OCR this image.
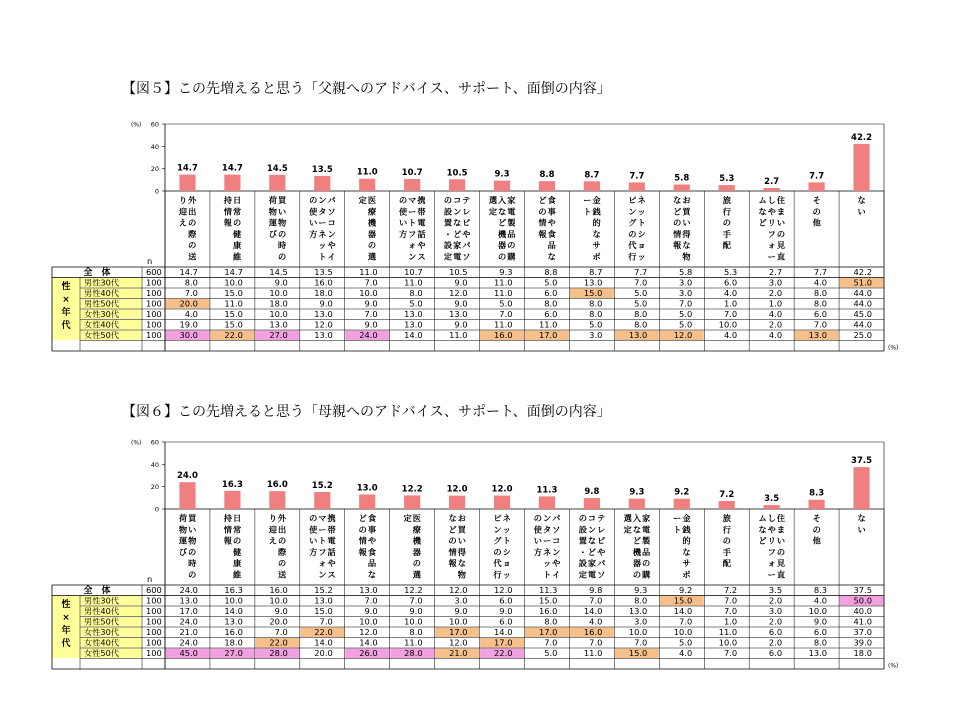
【図５】この先増えると思う「父親へのアドバイス、サポート、面倒の内容」
0
20
40
60
(%)
14.7
外出の際の送り迎え
14.7
日常の健康維持情報
14.5
買い物の時の荷物運び
13.5
パソコンやインターネットの使い方
11.0
医療機器の選定
10.7
携帯電話やスマートフォンの使い方
10.5
テレビやパソコンなど家電の設置・設定
9.3
家電製品の購入など機器の選定
8.8
食事や食品などの情報
8.7
金銭的なサポート
7.7
ネットショッピングの代行
5.8
お買い得な物などの情報
5.3
旅行の手配
2.7
住まいの見直しやリフォームなど
7.7
その他
42.2
ない
n
性
×
年
代
全　体	600 14.7	14.7	14.5	13.5	11.0	10.7	10.5	9.3	8.8	8.7	7.7	5.8	5.3	2.7	7.7	42.2
男性30代	100	8.0	10.0	9.0	16.0	7.0	11.0	9.0	11.0	5.0	13.0	7.0	3.0	6.0	3.0	4.0	51.0
男性40代	100	7.0	15.0	10.0	18.0	10.0	8.0	12.0	11.0	6.0	15.0	5.0	3.0	4.0	2.0	8.0	44.0
男性50代	100 20.0	11.0	18.0	9.0	9.0	5.0	9.0	5.0	8.0	8.0	5.0	7.0	1.0	1.0	8.0	44.0
女性30代	100	4.0	15.0	10.0	13.0	7.0	13.0	13.0	7.0	6.0	8.0	8.0	5.0	7.0	4.0	6.0	45.0
女性40代	100 19.0	15.0	13.0	12.0	9.0	13.0	9.0	11.0	11.0	5.0	8.0	5.0	10.0	2.0	7.0	44.0
女性50代	100 30.0	22.0	27.0	13.0	24.0	14.0	11.0	16.0	17.0	3.0	13.0	12.0	4.0	4.0	13.0	25.0
(%)
【図６】この先増えると思う「母親へのアドバイス、サポート、面倒の内容」
0
20
40
60
(%)
24.0
買い物の時の荷物運び
16.3
日常の健康維持情報
16.0
外出の際の送り迎え
15.2
携帯電話やスマートフォンの使い方
13.0
食事や食品などの情報
12.2
医療機器の選定
12.0
お買い得な物などの情報
12.0
ネットショッピングの代行
11.3
パソコンやインターネットの使い方
9.8
テレビやパソコンなど家電の設置・設定
9.3
家電製品の購入など機器の選定
9.2
金銭的なサポート
7.2
旅行の手配
3.5
住まいの見直しやリフォームなど
8.3
その他
37.5
ない
n
性
×
年
代
全　体	600 24.0	16.3	16.0	15.2	13.0	12.2	12.0	12.0	11.3	9.8	9.3	9.2	7.2	3.5	8.3	37.5
男性30代	100 13.0	10.0	10.0	13.0	7.0	7.0	3.0	6.0	15.0	7.0	8.0	15.0	7.0	2.0	4.0	50.0
男性40代	100 17.0	14.0	9.0	15.0	9.0	9.0	9.0	9.0	16.0	14.0	13.0	14.0	7.0	3.0	10.0	40.0
男性50代	100 24.0	13.0	20.0	7.0	10.0	10.0	10.0	6.0	8.0	4.0	3.0	7.0	1.0	2.0	9.0	41.0
女性30代	100 21.0	16.0	7.0	22.0	12.0	8.0	17.0	14.0	17.0	16.0	10.0	10.0	11.0	6.0	6.0	37.0
女性40代	100 24.0	18.0	22.0	14.0	14.0	11.0	12.0	17.0	7.0	7.0	7.0	5.0	10.0	2.0	8.0	39.0
女性50代	100 45.0	27.0	28.0	20.0	26.0	28.0	21.0	22.0	5.0	11.0	15.0	4.0	7.0	6.0	13.0	18.0
(%)
